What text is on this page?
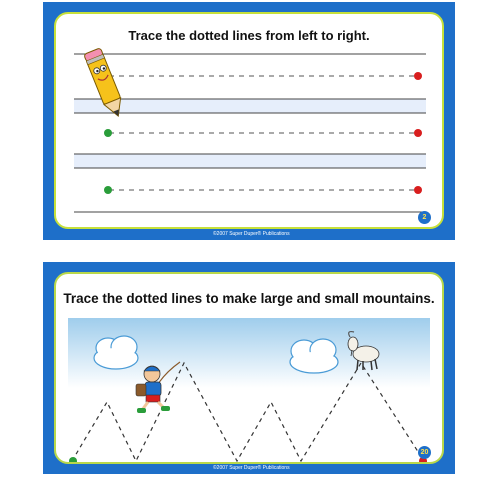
Trace the dotted lines from left to right.
2
©2007 Super Duper® Publications
Trace the dotted lines to make large and small mountains.
20
©2007 Super Duper® Publications
